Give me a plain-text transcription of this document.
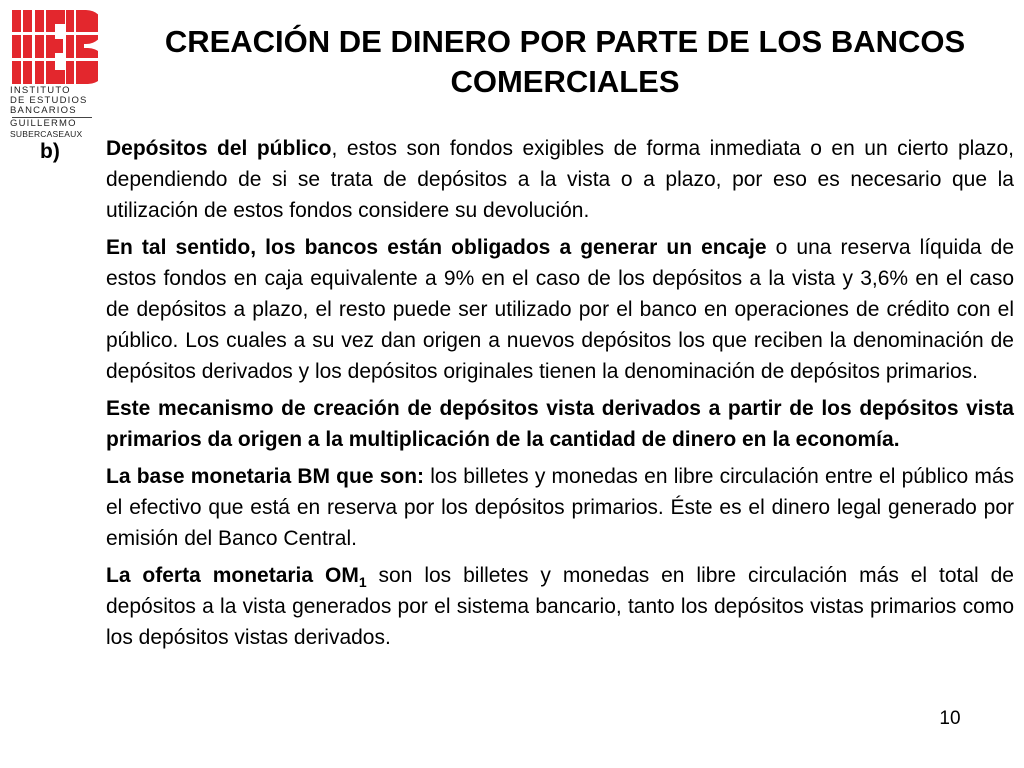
INSTITUTO
DE ESTUDIOS
BANCARIOS
GUILLERMO
SUBERCASEAUX
CREACIÓN DE DINERO POR PARTE DE LOS BANCOS COMERCIALES
b) Depósitos del público, estos son fondos exigibles de forma inmediata o en un cierto plazo, dependiendo de si se trata de depósitos a la vista o a plazo, por eso es necesario que la utilización de estos fondos considere su devolución.

En tal sentido, los bancos están obligados a generar un encaje o una reserva líquida de estos fondos en caja equivalente a 9% en el caso de los depósitos a la vista y 3,6% en el caso de depósitos a plazo, el resto puede ser utilizado por el banco en operaciones de crédito con el público. Los cuales a su vez dan origen a nuevos depósitos los que reciben la denominación de depósitos derivados y los depósitos originales tienen la denominación de depósitos primarios.

Este mecanismo de creación de depósitos vista derivados a partir de los depósitos vista primarios da origen a la multiplicación de la cantidad de dinero en la economía.

La base monetaria BM que son: los billetes y monedas en libre circulación entre el público más el efectivo que está en reserva por los depósitos primarios. Éste es el dinero legal generado por emisión del Banco Central.

La oferta monetaria $OM_1$ son los billetes y monedas en libre circulación más el total de depósitos a la vista generados por el sistema bancario, tanto los depósitos vistas primarios como los depósitos vistas derivados.

10
